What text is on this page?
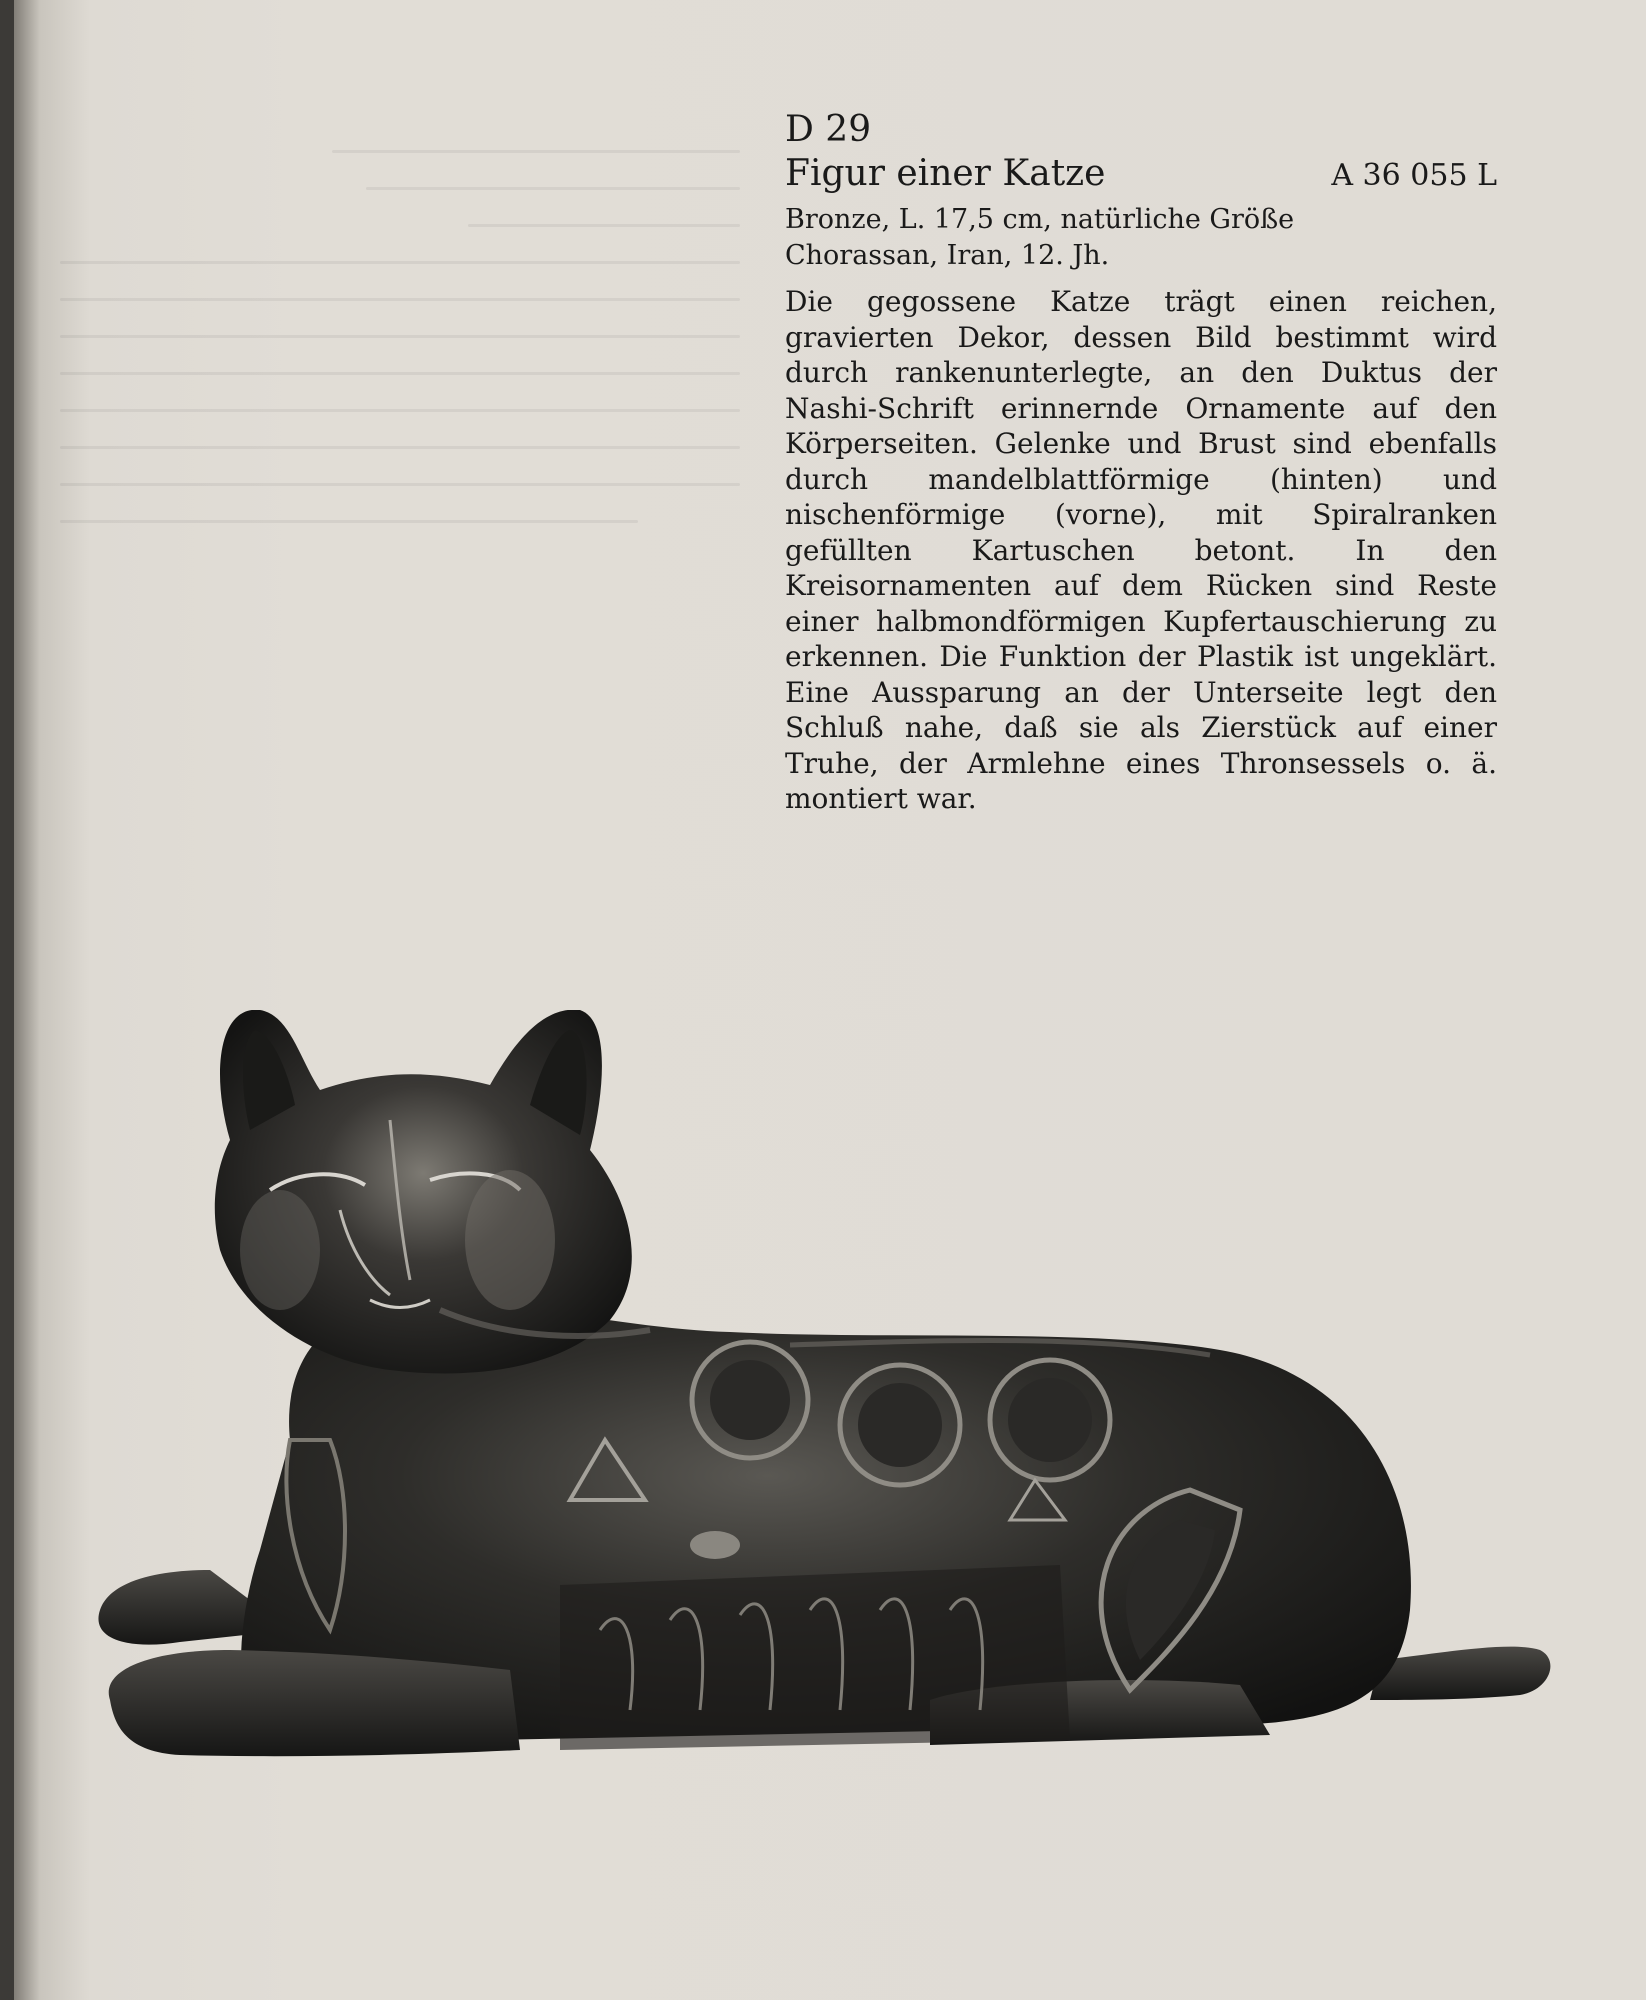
D 29

Figur einer Katze	A 36 055 L

Bronze, L. 17,5 cm, natürliche Größe

Chorassan, Iran, 12. Jh.

Die gegossene Katze trägt einen reichen, gravierten Dekor, dessen Bild bestimmt wird durch rankenunterlegte, an den Duktus der Nashi-Schrift erinnernde Ornamente auf den Körperseiten. Gelenke und Brust sind ebenfalls durch mandelblattförmige (hinten) und nischenförmige (vorne), mit Spiralranken gefüllten Kartuschen betont. In den Kreisornamenten auf dem Rücken sind Reste einer halbmondförmigen Kupfertauschierung zu erkennen. Die Funktion der Plastik ist ungeklärt. Eine Aussparung an der Unterseite legt den Schluß nahe, daß sie als Zierstück auf einer Truhe, der Armlehne eines Thronsessels o. ä. montiert war.
